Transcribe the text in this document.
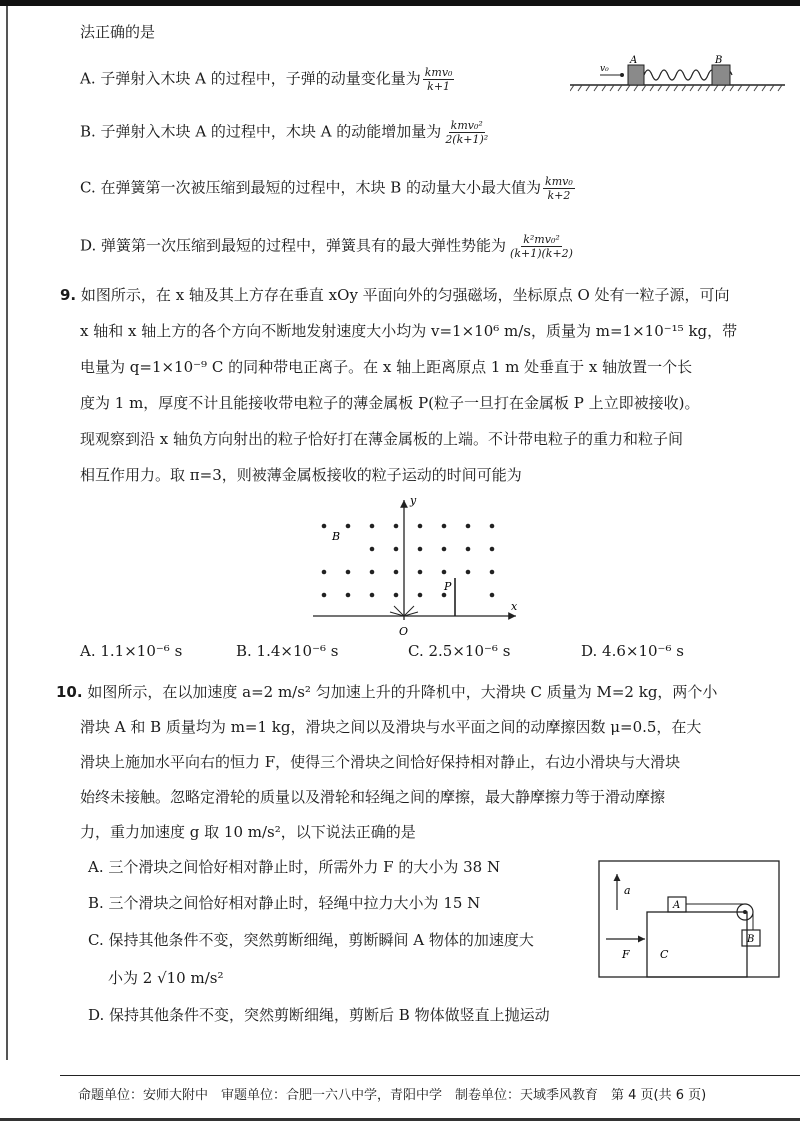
法正确的是
A. 子弹射入木块 A 的过程中，子弹的动量变化量为 $\frac{\text{kmv₀}}{k+1}$	v₀
A	B
B. 子弹射入木块 A 的过程中，木块 A 的动能增加量为 $\frac{\text{kmv₀²}}{\text{2(k+1)²}}$
C. 在弹簧第一次被压缩到最短的过程中，木块 B 的动量大小最大值为 $\frac{\text{kmv₀}}{k+2}$
D. 弹簧第一次压缩到最短的过程中，弹簧具有的最大弹性势能为 $\frac{\text{k²mv₀²}}{(k+1)(k+2)}$
9. 如图所示，在 x 轴及其上方存在垂直 xOy 平面向外的匀强磁场，坐标原点 O 处有一粒子源，可向
x 轴和 x 轴上方的各个方向不断地发射速度大小均为 v=1×10⁶ m/s，质量为 m=1×10⁻¹⁵ kg，带
电量为 q=1×10⁻⁹ C 的同种带电正离子。在 x 轴上距离原点 1 m 处垂直于 x 轴放置一个长
度为 1 m，厚度不计且能接收带电粒子的薄金属板 P(粒子一旦打在金属板 P 上立即被接收)。
现观察到沿 x 轴负方向射出的粒子恰好打在薄金属板的上端。不计带电粒子的重力和粒子间
相互作用力。取 π=3，则被薄金属板接收的粒子运动的时间可能为
B
x
y
O
P
A. 1.1×10⁻⁶ s	B. 1.4×10⁻⁶ s	C. 2.5×10⁻⁶ s	D. 4.6×10⁻⁶ s
10. 如图所示，在以加速度 a=2 m/s² 匀加速上升的升降机中，大滑块 C 质量为 M=2 kg，两个小
滑块 A 和 B 质量均为 m=1 kg，滑块之间以及滑块与水平面之间的动摩擦因数 μ=0.5，在大
滑块上施加水平向右的恒力 F，使得三个滑块之间恰好保持相对静止，右边小滑块与大滑块
始终未接触。忽略定滑轮的质量以及滑轮和轻绳之间的摩擦，最大静摩擦力等于滑动摩擦
力，重力加速度 g 取 10 m/s²，以下说法正确的是
A. 三个滑块之间恰好相对静止时，所需外力 F 的大小为 38 N
B. 三个滑块之间恰好相对静止时，轻绳中拉力大小为 15 N
C. 保持其他条件不变，突然剪断细绳，剪断瞬间 A 物体的加速度大
小为 2 √10 m/s²
D. 保持其他条件不变，突然剪断细绳，剪断后 B 物体做竖直上抛运动
a
C
A
B
F
命题单位：安师大附中　审题单位：合肥一六八中学，青阳中学　制卷单位：天域季风教育　第 4 页(共 6 页)
